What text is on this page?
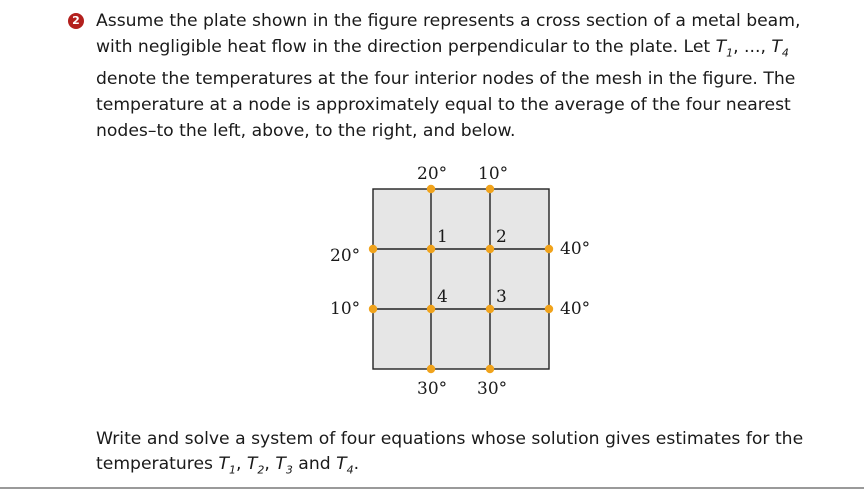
2 Assume the plate shown in the figure represents a cross section of a metal beam,
with negligible heat flow in the direction perpendicular to the plate. Let $T_1$, ..., $T_4$
denote the temperatures at the four interior nodes of the mesh in the figure. The
temperature at a node is approximately equal to the average of the four nearest
nodes–to the left, above, to the right, and below.

1	2
3
4
20° 10°
20°
10°
40°
40°
30° 30°

Write and solve a system of four equations whose solution gives estimates for the
temperatures $T_1$, $T_2$, $T_3$ and $T_4$.
